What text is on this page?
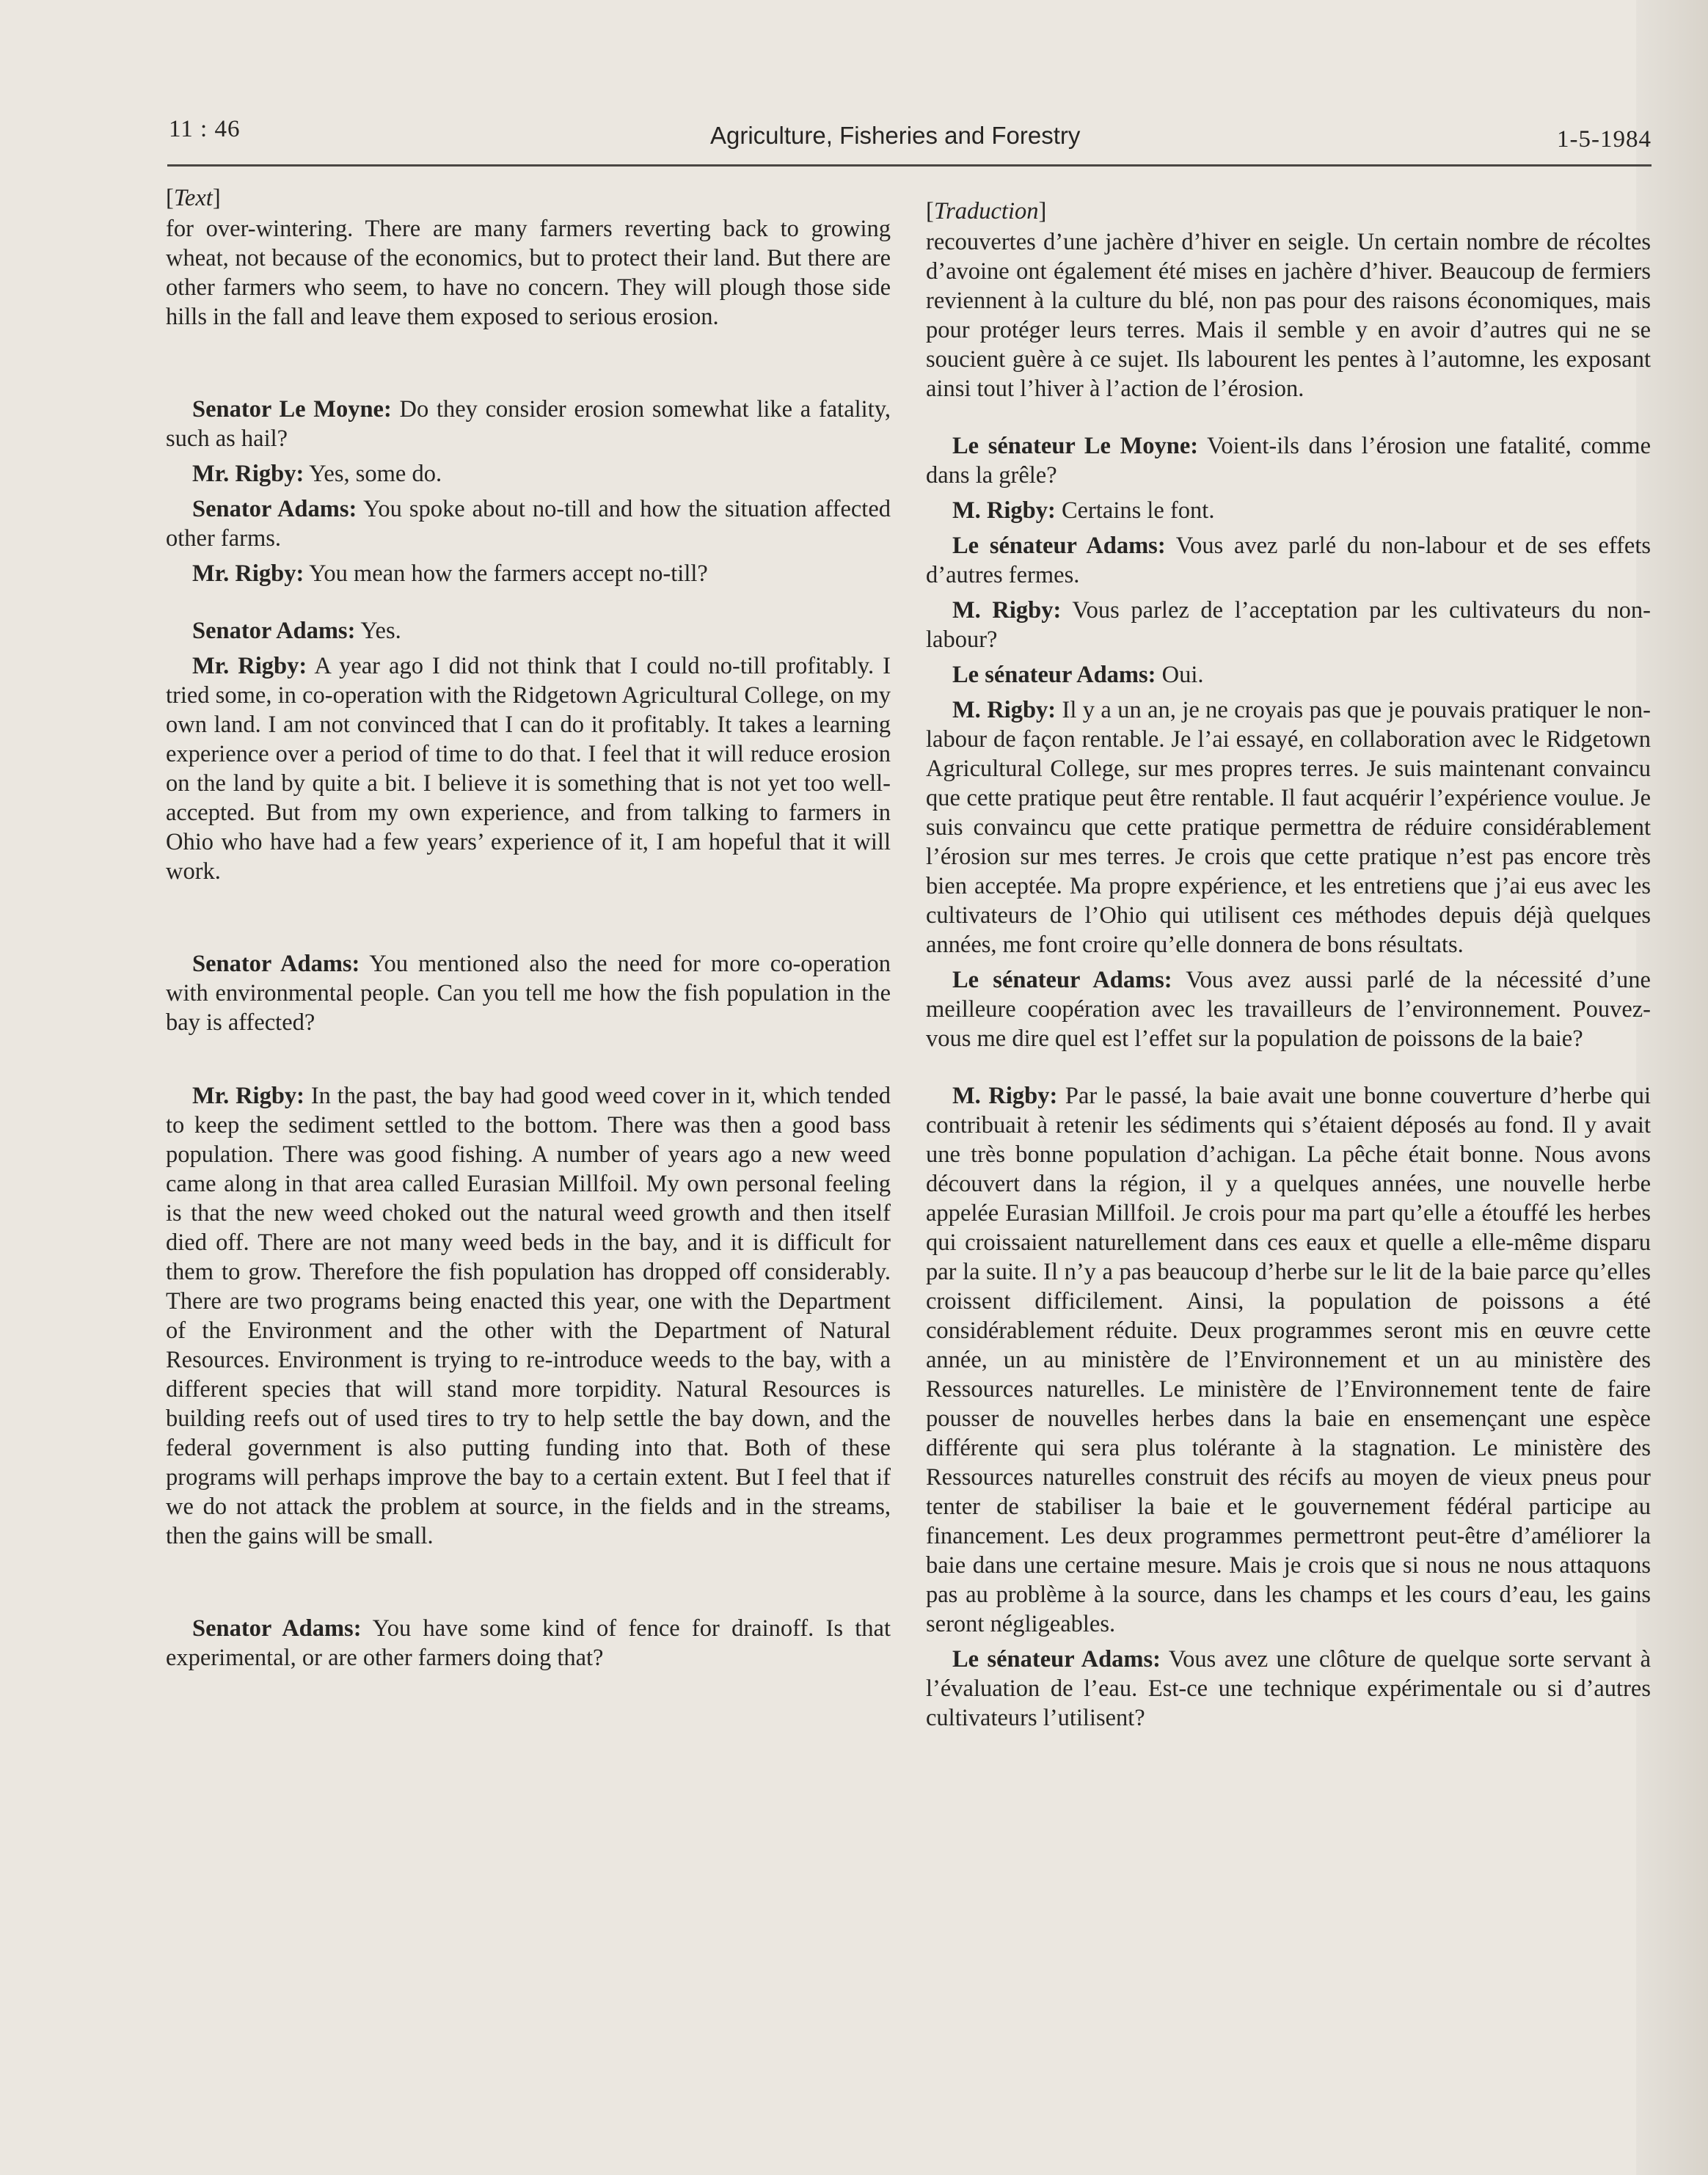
11 : 46	Agriculture, Fisheries and Forestry	1-5-1984

[Text]

for over-wintering. There are many farmers reverting back to growing wheat, not because of the economics, but to protect their land. But there are other farmers who seem, to have no concern. They will plough those side hills in the fall and leave them exposed to serious erosion.

Senator Le Moyne: Do they consider erosion somewhat like a fatality, such as hail?

Mr. Rigby: Yes, some do.

Senator Adams: You spoke about no-till and how the situation affected other farms.

Mr. Rigby: You mean how the farmers accept no-till?

Senator Adams: Yes.

Mr. Rigby: A year ago I did not think that I could no-till profitably. I tried some, in co-operation with the Ridgetown Agricultural College, on my own land. I am not convinced that I can do it profitably. It takes a learning experience over a period of time to do that. I feel that it will reduce erosion on the land by quite a bit. I believe it is something that is not yet too well-accepted. But from my own experience, and from talking to farmers in Ohio who have had a few years’ experience of it, I am hopeful that it will work.

Senator Adams: You mentioned also the need for more co-operation with environmental people. Can you tell me how the fish population in the bay is affected?

Mr. Rigby: In the past, the bay had good weed cover in it, which tended to keep the sediment settled to the bottom. There was then a good bass population. There was good fishing. A number of years ago a new weed came along in that area called Eurasian Millfoil. My own personal feeling is that the new weed choked out the natural weed growth and then itself died off. There are not many weed beds in the bay, and it is difficult for them to grow. Therefore the fish population has dropped off considerably. There are two programs being enacted this year, one with the Department of the Environment and the other with the Department of Natural Resources. Environment is trying to re-introduce weeds to the bay, with a different species that will stand more torpidity. Natural Resources is building reefs out of used tires to try to help settle the bay down, and the federal government is also putting funding into that. Both of these programs will perhaps improve the bay to a certain extent. But I feel that if we do not attack the problem at source, in the fields and in the streams, then the gains will be small.

Senator Adams: You have some kind of fence for drainoff. Is that experimental, or are other farmers doing that?

[Traduction]

recouvertes d’une jachère d’hiver en seigle. Un certain nombre de récoltes d’avoine ont également été mises en jachère d’hiver. Beaucoup de fermiers reviennent à la culture du blé, non pas pour des raisons économiques, mais pour protéger leurs terres. Mais il semble y en avoir d’autres qui ne se soucient guère à ce sujet. Ils labourent les pentes à l’automne, les exposant ainsi tout l’hiver à l’action de l’érosion.

Le sénateur Le Moyne: Voient-ils dans l’érosion une fatalité, comme dans la grêle?

M. Rigby: Certains le font.

Le sénateur Adams: Vous avez parlé du non-labour et de ses effets d’autres fermes.

M. Rigby: Vous parlez de l’acceptation par les cultivateurs du non-labour?

Le sénateur Adams: Oui.

M. Rigby: Il y a un an, je ne croyais pas que je pouvais pratiquer le non-labour de façon rentable. Je l’ai essayé, en collaboration avec le Ridgetown Agricultural College, sur mes propres terres. Je suis maintenant convaincu que cette pratique peut être rentable. Il faut acquérir l’expérience voulue. Je suis convaincu que cette pratique permettra de réduire considérablement l’érosion sur mes terres. Je crois que cette pratique n’est pas encore très bien acceptée. Ma propre expérience, et les entretiens que j’ai eus avec les cultivateurs de l’Ohio qui utilisent ces méthodes depuis déjà quelques années, me font croire qu’elle donnera de bons résultats.

Le sénateur Adams: Vous avez aussi parlé de la nécessité d’une meilleure coopération avec les travailleurs de l’environnement. Pouvez-vous me dire quel est l’effet sur la population de poissons de la baie?

M. Rigby: Par le passé, la baie avait une bonne couverture d’herbe qui contribuait à retenir les sédiments qui s’étaient déposés au fond. Il y avait une très bonne population d’achigan. La pêche était bonne. Nous avons découvert dans la région, il y a quelques années, une nouvelle herbe appelée Eurasian Millfoil. Je crois pour ma part qu’elle a étouffé les herbes qui croissaient naturellement dans ces eaux et quelle a elle-même disparu par la suite. Il n’y a pas beaucoup d’herbe sur le lit de la baie parce qu’elles croissent difficilement. Ainsi, la population de poissons a été considérablement réduite. Deux programmes seront mis en œuvre cette année, un au ministère de l’Environnement et un au ministère des Ressources naturelles. Le ministère de l’Environnement tente de faire pousser de nouvelles herbes dans la baie en ensemençant une espèce différente qui sera plus tolérante à la stagnation. Le ministère des Ressources naturelles construit des récifs au moyen de vieux pneus pour tenter de stabiliser la baie et le gouvernement fédéral participe au financement. Les deux programmes permettront peut-être d’améliorer la baie dans une certaine mesure. Mais je crois que si nous ne nous attaquons pas au problème à la source, dans les champs et les cours d’eau, les gains seront négligeables.

Le sénateur Adams: Vous avez une clôture de quelque sorte servant à l’évaluation de l’eau. Est-ce une technique expérimentale ou si d’autres cultivateurs l’utilisent?
